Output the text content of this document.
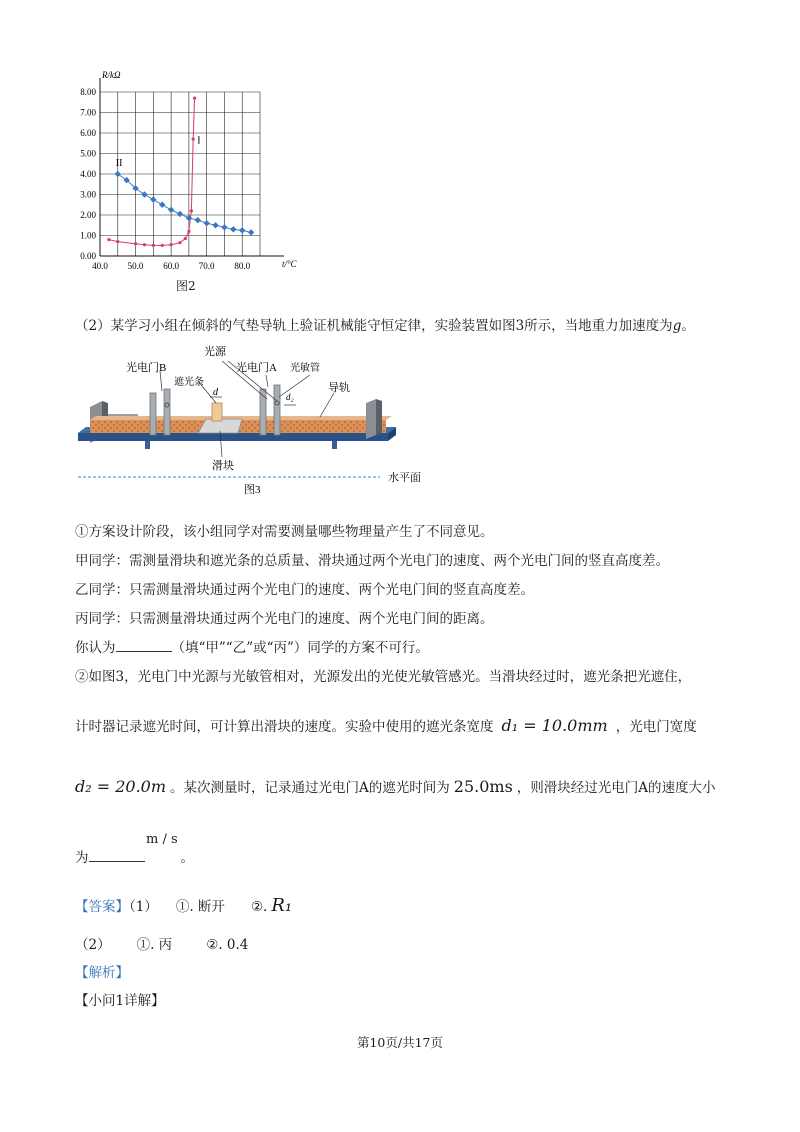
0.00
1.00
2.00
3.00
4.00
5.00
6.00
7.00
8.00
40.0 50.0 60.0 70.0 80.0
R/kΩ
t/°C
I
II
图2
光源
光电门B	光电门A 光敏管
遮光条
d	d₂
导轨
滑块
水平面
图3
（2）某学习小组在倾斜的气垫导轨上验证机械能守恒定律，实验装置如图3所示，当地重力加速度为g。
①方案设计阶段，该小组同学对需要测量哪些物理量产生了不同意见。
甲同学：需测量滑块和遮光条的总质量、滑块通过两个光电门的速度、两个光电门间的竖直高度差。
乙同学：只需测量滑块通过两个光电门的速度、两个光电门间的竖直高度差。
丙同学：只需测量滑块通过两个光电门的速度、两个光电门间的距离。
你认为	（填“甲”“乙”或“丙”）同学的方案不可行。
②如图3，光电门中光源与光敏管相对，光源发出的光使光敏管感光。当滑块经过时，遮光条把光遮住，
计时器记录遮光时间，可计算出滑块的速度。实验中使用的遮光条宽度 d₁ = 10.0mm ，光电门宽度
d₂ = 20.0m 。某次测量时，记录通过光电门A的遮光时间为 25.0ms ，则滑块经过光电门A的速度大小
m / s
为	。
【答案】（1） ①. 断开 ②. R₁
（2） ①. 丙	②. 0.4
【解析】
【小问1详解】
第10页/共17页
